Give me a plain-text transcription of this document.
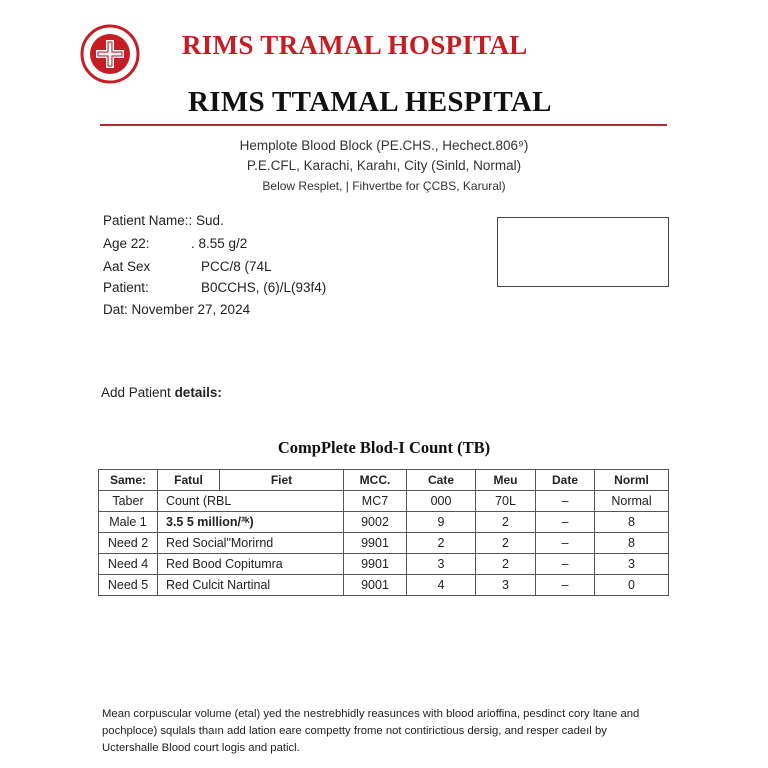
RIMS TRAMAL HOSPITAL
RIMS TTAMAL HESPITAL
Hemplote Blood Block (PE.CHS., Hechect.806⁹)
P.E.CFL, Karachi, Karahı, City (Sinld, Normal)
Below Resplet, | Fihvertbe for ÇCBS, Karural)
Patient Name:: Sud.
Age 22:	. 8.55 g/2
Aat Sex	PCC/8 (74L
Patient:	B0CCHS, (6)/L(93f4)
Dat: November 27, 2024
Add Patient details:
CompPlete Blod-I Count (TB)
Same:	Fatul	Fiet	MCC.	Cate	Meu	Date	Norml
Taber	Count (RBL		MC7	000	70L	–	Normal
Male 1	3.5 5 million/³ᵏ)		9002	9	2	–	8
Need 2	Red Social"Morirnd		9901	2	2	–	8
Need 4	Red Bood Copitumra		9901	3	2	–	3
Need 5	Red Culcit Nartinal		9001	4	3	–	0
Mean corpuscular volume (etal) yed the nestrebhidly reasunces with blood arioffina, pesdinct cory ltane and pochploce) squlals thaın add lation eare competty frome not contirictious dersig, and resper cadeıl by Uctershalle Blood court logis and paticl.
